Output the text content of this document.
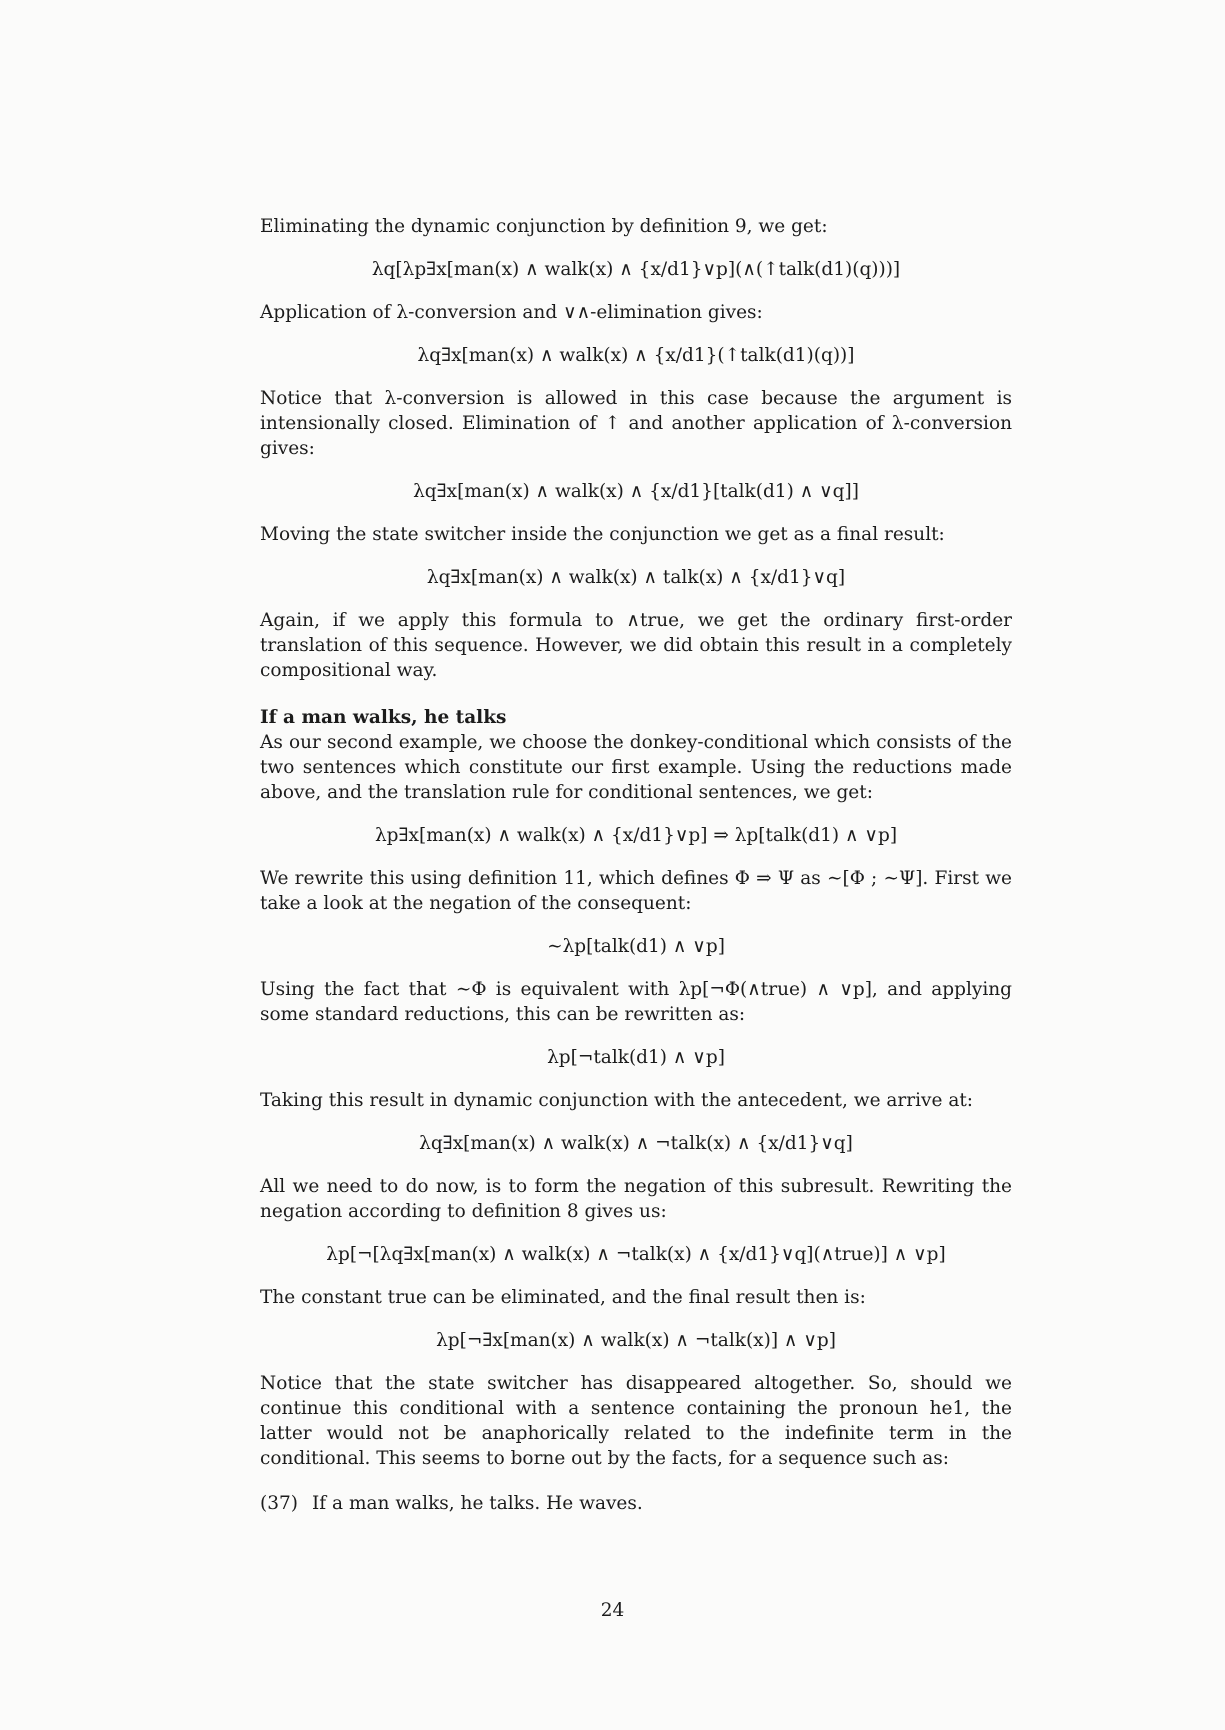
Eliminating the dynamic conjunction by definition 9, we get:

λq[λp∃x[man(x) ∧ walk(x) ∧ {x/d1}∨p](∧(↑talk(d1)(q)))]

Application of λ-conversion and ∨∧-elimination gives:

λq∃x[man(x) ∧ walk(x) ∧ {x/d1}(↑talk(d1)(q))]

Notice that λ-conversion is allowed in this case because the argument is intensionally closed. Elimination of ↑ and another application of λ-conversion gives:

λq∃x[man(x) ∧ walk(x) ∧ {x/d1}[talk(d1) ∧ ∨q]]

Moving the state switcher inside the conjunction we get as a final result:

λq∃x[man(x) ∧ walk(x) ∧ talk(x) ∧ {x/d1}∨q]

Again, if we apply this formula to ∧true, we get the ordinary first-order translation of this sequence. However, we did obtain this result in a completely compositional way.

If a man walks, he talks

As our second example, we choose the donkey-conditional which consists of the two sentences which constitute our first example. Using the reductions made above, and the translation rule for conditional sentences, we get:

λp∃x[man(x) ∧ walk(x) ∧ {x/d1}∨p] ⇒ λp[talk(d1) ∧ ∨p]

We rewrite this using definition 11, which defines Φ ⇒ Ψ as ∼[Φ ; ∼Ψ]. First we take a look at the negation of the consequent:

∼λp[talk(d1) ∧ ∨p]

Using the fact that ∼Φ is equivalent with λp[¬Φ(∧true) ∧ ∨p], and applying some standard reductions, this can be rewritten as:

λp[¬talk(d1) ∧ ∨p]

Taking this result in dynamic conjunction with the antecedent, we arrive at:

λq∃x[man(x) ∧ walk(x) ∧ ¬talk(x) ∧ {x/d1}∨q]

All we need to do now, is to form the negation of this subresult. Rewriting the negation according to definition 8 gives us:

λp[¬[λq∃x[man(x) ∧ walk(x) ∧ ¬talk(x) ∧ {x/d1}∨q](∧true)] ∧ ∨p]

The constant true can be eliminated, and the final result then is:

λp[¬∃x[man(x) ∧ walk(x) ∧ ¬talk(x)] ∧ ∨p]

Notice that the state switcher has disappeared altogether. So, should we continue this conditional with a sentence containing the pronoun he1, the latter would not be anaphorically related to the indefinite term in the conditional. This seems to borne out by the facts, for a sequence such as:

(37) If a man walks, he talks. He waves.
24
